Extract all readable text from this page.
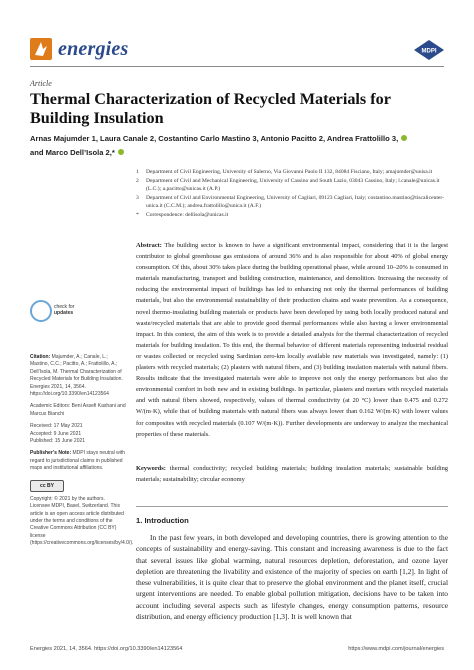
energies	MDPI
Article
Thermal Characterization of Recycled Materials for Building Insulation
Arnas Majumder 1, Laura Canale 2, Costantino Carlo Mastino 3, Antonio Pacitto 2, Andrea Frattolillo 3,
and Marco Dell’Isola 2,*
1	Department of Civil Engineering, University of Salerno, Via Giovanni Paolo II 132, 84084 Fisciano, Italy; amajumder@unisa.it
2	Department of Civil and Mechanical Engineering, University of Cassino and South Lazio, 03043 Cassino, Italy; l.canale@unicas.it (L.C.); a.pacitto@unicas.it (A.P.)
3	Department of Civil and Environmental Engineering, University of Cagliari, 09123 Cagliari, Italy; costantino.mastino@tiscalicenter-unica.it (C.C.M.); andrea.frattolillo@unica.it (A.F.)
*	Correspondence: dellisola@unicas.it
Abstract: The building sector is known to have a significant environmental impact, considering that it is the largest contributor to global greenhouse gas emissions of around 36% and is also responsible for about 40% of global energy consumption. Of this, about 30% takes place during the building operational phase, while around 10–20% is consumed in materials manufacturing, transport and building construction, maintenance, and demolition. Increasing the necessity of reducing the environmental impact of buildings has led to enhancing not only the thermal performances of building materials, but also the environmental sustainability of their production chains and waste prevention. As a consequence, novel thermo-insulating building materials or products have been developed by using both locally produced natural and waste/recycled materials that are able to provide good thermal performances while also having a lower environmental impact. In this context, the aim of this work is to provide a detailed analysis for the thermal characterization of recycled materials for building insulation. To this end, the thermal behavior of different materials representing industrial residual or wastes collected or recycled using Sardinian zero-km locally available raw materials was investigated, namely: (1) plasters with recycled materials; (2) plasters with natural fibers, and (3) building insulation materials with natural fibers. Results indicate that the investigated materials were able to improve not only the energy performances but also the environmental comfort in both new and in existing buildings. In particular, plasters and mortars with recycled materials and with natural fibers showed, respectively, values of thermal conductivity (at 20 °C) lower than 0.475 and 0.272 W/(m·K), while that of building materials with natural fibers was always lower than 0.162 W/(m·K) with lower values for composites with recycled materials (0.107 W/(m·K)). Further developments are underway to analyze the mechanical properties of these materials.
Keywords: thermal conductivity; recycled building materials; building insulation materials; sustainable building materials; sustainability; circular economy
1. Introduction
In the past few years, in both developed and developing countries, there is growing attention to the concepts of sustainability and energy-saving. This constant and increasing awareness is due to the fact that several issues like global warming, natural resources depletion, deforestation, and ozone layer depletion are threatening the livability and existence of the majority of species on earth [1,2]. In light of these vulnerabilities, it is quite clear that to preserve the global environment and the planet itself, crucial urgent interventions are needed. To enable global pollution mitigation, decisions have to be taken into account including several aspects such as lifestyle changes, energy consumption patterns, resource distribution, and energy efficiency production [1,3]. It is well known that
check for
updates
Citation: Majumder, A.; Canale, L.; Mastino, C.C.; Pacitto, A.; Frattolillo, A.; Dell’Isola, M. Thermal Characterization of Recycled Materials for Building Insulation. Energies 2021, 14, 3564. https://doi.org/10.3390/en14123564
Academic Editors: Beni Assefi Kashani and Marcus Bianchi
Received: 17 May 2021
Accepted: 9 June 2021
Published: 15 June 2021
Publisher’s Note: MDPI stays neutral with regard to jurisdictional claims in published maps and institutional affiliations.
cc BY
Copyright: © 2021 by the authors. Licensee MDPI, Basel, Switzerland. This article is an open access article distributed under the terms and conditions of the Creative Commons Attribution (CC BY) license (https://creativecommons.org/licenses/by/4.0/).
Energies 2021, 14, 3564. https://doi.org/10.3390/en14123564	https://www.mdpi.com/journal/energies
